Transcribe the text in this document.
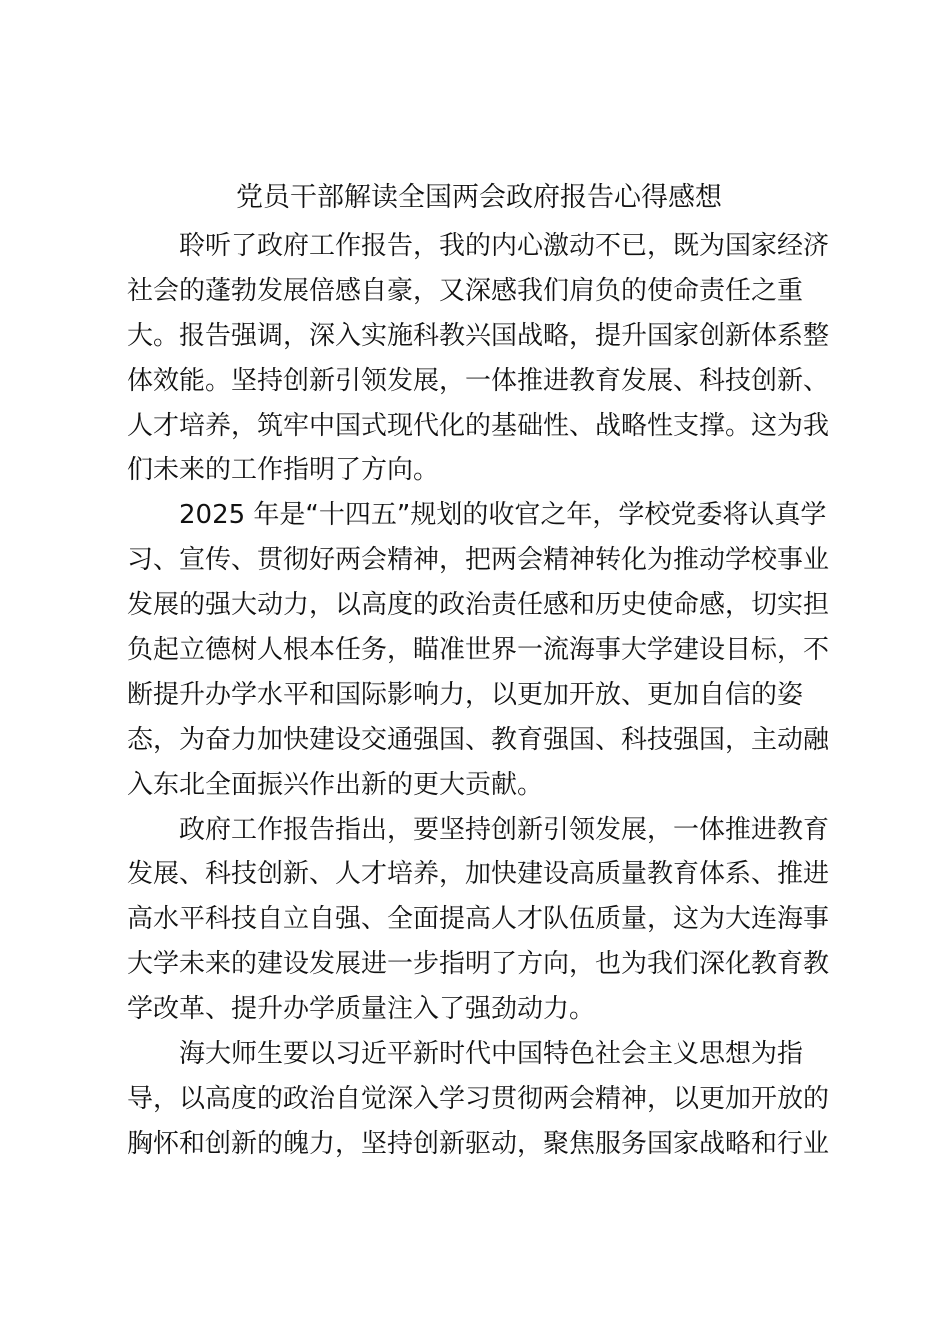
党员干部解读全国两会政府报告心得感想
聆听了政府工作报告，我的内心激动不已，既为国家经济
社会的蓬勃发展倍感自豪，又深感我们肩负的使命责任之重
大。报告强调，深入实施科教兴国战略，提升国家创新体系整
体效能。坚持创新引领发展，一体推进教育发展、科技创新、
人才培养，筑牢中国式现代化的基础性、战略性支撑。这为我
们未来的工作指明了方向。
2025 年是“十四五”规划的收官之年，学校党委将认真学
习、宣传、贯彻好两会精神，把两会精神转化为推动学校事业
发展的强大动力，以高度的政治责任感和历史使命感，切实担
负起立德树人根本任务，瞄准世界一流海事大学建设目标，不
断提升办学水平和国际影响力，以更加开放、更加自信的姿
态，为奋力加快建设交通强国、教育强国、科技强国，主动融
入东北全面振兴作出新的更大贡献。
政府工作报告指出，要坚持创新引领发展，一体推进教育
发展、科技创新、人才培养，加快建设高质量教育体系、推进
高水平科技自立自强、全面提高人才队伍质量，这为大连海事
大学未来的建设发展进一步指明了方向，也为我们深化教育教
学改革、提升办学质量注入了强劲动力。
海大师生要以习近平新时代中国特色社会主义思想为指
导，以高度的政治自觉深入学习贯彻两会精神，以更加开放的
胸怀和创新的魄力，坚持创新驱动，聚焦服务国家战略和行业
